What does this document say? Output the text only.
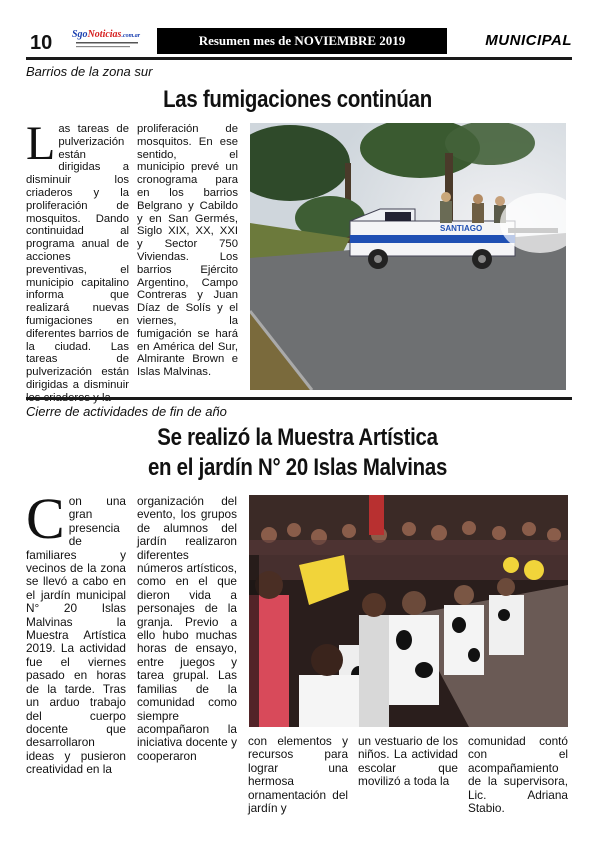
10 SgoNoticias.com.ar	Resumen mes de NOVIEMBRE 2019	MUNICIPAL
Barrios de la zona sur
Las fumigaciones continúan
L as tareas de pulverización están dirigidas a disminuir los criaderos y la proliferación de mosquitos. Dando continuidad al programa anual de acciones preventivas, el municipio capitalino informa que realizará nuevas fumigaciones en diferentes barrios de la ciudad. Las tareas de pulverización están dirigidas a disminuir
proliferación de mosquitos. En ese sentido, el municipio prevé un cronograma para en los barrios Belgrano y Cabildo y en San Germés, Siglo XIX, XX, XXI y Sector 750 Viviendas. Los barrios Ejército Argentino, Campo Contreras y Juan Díaz de Solís y el viernes, la fumigación se hará en América del Sur, Almirante Brown e Islas Malvinas.
SANTIAGO
Cierre de actividades de fin de año
Se realizó la Muestra Artística
en el jardín N° 20 Islas Malvinas
C on una gran presencia de familiares y vecinos de la zona se llevó a cabo en el jardín municipal N° 20 Islas Malvinas la Muestra Artística 2019. La actividad fue el viernes pasado en horas de la tarde. Tras un arduo trabajo del cuerpo docente que desarrollaron ideas y pusieron creatividad en la
organización del evento, los grupos de alumnos del jardín realizaron diferentes números artísticos, como en el que dieron vida a personajes de la granja. Previo a ello hubo muchas horas de ensayo, entre juegos y tarea grupal. Las familias de la comunidad como siempre acompañaron la iniciativa docente y cooperaron
con elementos y recursos para lograr una hermosa ornamentación del jardín y
un vestuario de los niños. La actividad escolar que movilizó a toda la
comunidad contó con el acompañamiento de la supervisora, Lic. Adriana Stabio.
